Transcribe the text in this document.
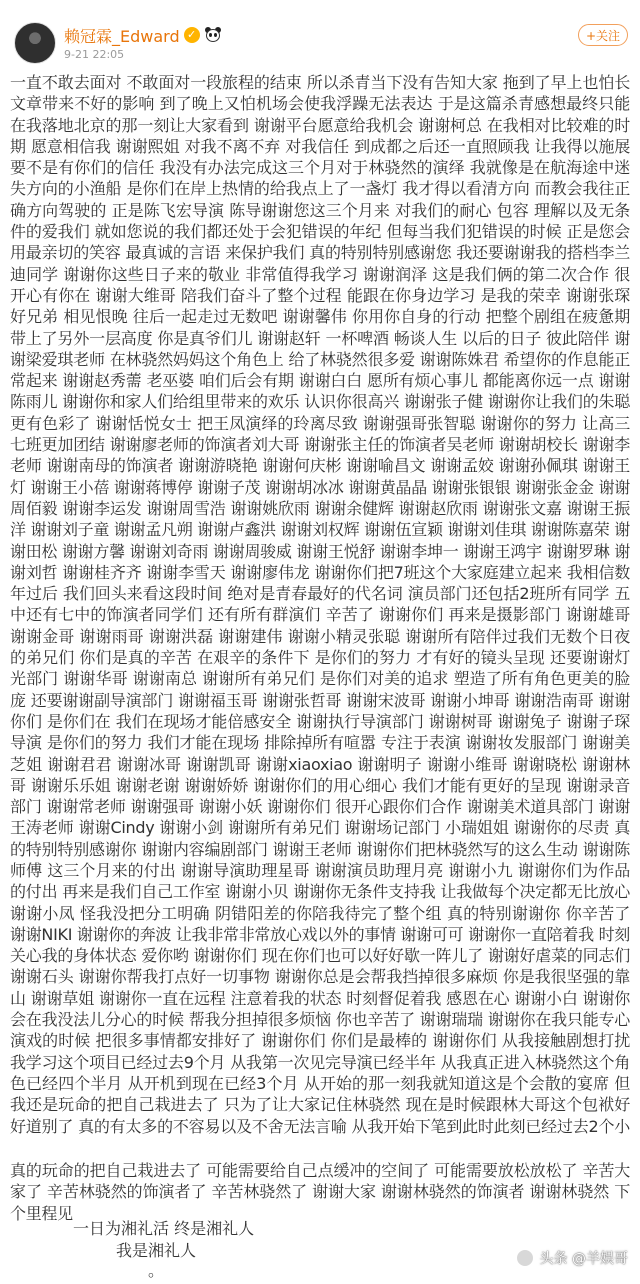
赖冠霖_Edward ✓
9-21 22:05
+关注

一直不敢去面对 不敢面对一段旅程的结束 所以杀青当下没有告知大家 拖到了早上也怕长文章带来不好的影响 到了晚上又怕机场会使我浮躁无法表达 于是这篇杀青感想最终只能在我落地北京的那一刻让大家看到 谢谢平台愿意给我机会 谢谢柯总 在我相对比较难的时期 愿意相信我 谢谢熙姐 对我不离不弃 对我信任 到成都之后还一直照顾我 让我得以施展 要不是有你们的信任 我没有办法完成这三个月对于林骁然的演绎 我就像是在航海途中迷失方向的小渔船 是你们在岸上热情的给我点上了一盏灯 我才得以看清方向 而教会我往正确方向驾驶的 正是陈飞宏导演 陈导谢谢您这三个月来 对我们的耐心 包容 理解以及无条件的爱我们 就如您说的我们都还处于会犯错误的年纪 但每当我们犯错误的时候 正是您会用最亲切的笑容 最真诚的言语 来保护我们 真的特别特别感谢您 我还要谢谢我的搭档李兰迪同学 谢谢你这些日子来的敬业 非常值得我学习 谢谢润泽 这是我们俩的第二次合作 很开心有你在 谢谢大维哥 陪我们奋斗了整个过程 能跟在你身边学习 是我的荣幸 谢谢张琛 好兄弟 相见恨晚 往后一起走过无数吧 谢谢馨伟 你用你自身的行动 把整个剧组在疲惫期带上了另外一层高度 你是真爷们儿 谢谢赵轩 一杯啤酒 畅谈人生 以后的日子 彼此陪伴 谢谢梁爱琪老师 在林骁然妈妈这个角色上 给了林骁然很多爱 谢谢陈姝君 希望你的作息能正常起来 谢谢赵秀薷 老巫婆 咱们后会有期 谢谢白白 愿所有烦心事儿 都能离你远一点 谢谢陈雨儿 谢谢你和家人们给组里带来的欢乐 认识你很高兴 谢谢张子健 谢谢你让我们的朱聪更有色彩了 谢谢恬悦女士 把王凤演绎的玲离尽致 谢谢强哥张智聪 谢谢你的努力 让高三七班更加团结 谢谢廖老师的饰演者刘大哥 谢谢张主任的饰演者吴老师 谢谢胡校长 谢谢李老师 谢谢南母的饰演者 谢谢游晓艳 谢谢何庆彬 谢谢喻昌文 谢谢孟姣 谢谢孙佩琪 谢谢王灯 谢谢王小蓓 谢谢蒋博停 谢谢子茂 谢谢胡冰冰 谢谢黄晶晶 谢谢张银银 谢谢张金金 谢谢周佰毅 谢谢李运发 谢谢周雪浩 谢谢姚欣雨 谢谢余健辉 谢谢赵欣雨 谢谢张文嘉 谢谢王振洋 谢谢刘子童 谢谢孟凡朔 谢谢卢鑫洪 谢谢刘权辉 谢谢伍宣颖 谢谢刘佳琪 谢谢陈嘉荣 谢谢田松 谢谢方馨 谢谢刘奇雨 谢谢周骏威 谢谢王悦舒 谢谢李坤一 谢谢王鸿宇 谢谢罗琳 谢谢刘哲 谢谢桂齐齐 谢谢李雪天 谢谢廖伟龙 谢谢你们把7班这个大家庭建立起来 我相信数年过后 我们回头来看这段时间 绝对是青春最好的代名词 演员部门还包括2班所有同学 五中还有七中的饰演者同学们 还有所有群演们 辛苦了 谢谢你们 再来是摄影部门 谢谢雄哥 谢谢金哥 谢谢雨哥 谢谢洪磊 谢谢建伟 谢谢小精灵张聪 谢谢所有陪伴过我们无数个日夜的弟兄们 你们是真的辛苦 在艰辛的条件下 是你们的努力 才有好的镜头呈现 还要谢谢灯光部门 谢谢华哥 谢谢南总 谢谢所有弟兄们 是你们对美的追求 塑造了所有角色更美的脸庞 还要谢谢副导演部门 谢谢福玉哥 谢谢张哲哥 谢谢宋波哥 谢谢小坤哥 谢谢浩南哥 谢谢你们 是你们在 我们在现场才能倍感安全 谢谢执行导演部门 谢谢树哥 谢谢兔子 谢谢子琛导演 是你们的努力 我们才能在现场 排除掉所有喧嚣 专注于表演 谢谢妆发服部门 谢谢美芝姐 谢谢君君 谢谢冰哥 谢谢凯哥 谢谢xiaoxiao 谢谢明子 谢谢小维哥 谢谢晓松 谢谢林哥 谢谢乐乐姐 谢谢老谢 谢谢娇娇 谢谢你们的用心细心 我们才能有更好的呈现 谢谢录音部门 谢谢常老师 谢谢强哥 谢谢小妖 谢谢你们 很开心跟你们合作 谢谢美术道具部门 谢谢王涛老师 谢谢Cindy 谢谢小剑 谢谢所有弟兄们 谢谢场记部门 小瑞姐姐 谢谢你的尽责 真的特别特别感谢你 谢谢内容编剧部门 谢谢王老师 谢谢你们把林骁然写的这么生动 谢谢陈师傅 这三个月来的付出 谢谢导演助理星哥 谢谢演员助理月亮 谢谢小九 谢谢你们为作品的付出 再来是我们自己工作室 谢谢小贝 谢谢你无条件支持我 让我做每个决定都无比放心 谢谢小凤 怪我没把分工明确 阴错阳差的你陪我待完了整个组 真的特别谢谢你 你辛苦了 谢谢NIKI 谢谢你的奔波 让我非常非常放心戏以外的事情 谢谢可可 谢谢你一直陪着我 时刻关心我的身体状态 爱你哟 谢谢你们 现在你们也可以好好歇一阵儿了 谢谢好虐菜的同志们 谢谢石头 谢谢你帮我打点好一切事物 谢谢你总是会帮我挡掉很多麻烦 你是我很坚强的靠山 谢谢草姐 谢谢你一直在远程 注意着我的状态 时刻督促着我 感恩在心 谢谢小白 谢谢你会在我没法儿分心的时候 帮我分担掉很多烦恼 你也辛苦了 谢谢瑞瑞 谢谢你在我只能专心演戏的时候 把很多事情都安排好了 谢谢你们 你们是最棒的 谢谢你们 从我接触剧想打扰我学习这个项目已经过去9个月 从我第一次见完导演已经半年 从我真正进入林骁然这个角色已经四个半月 从开机到现在已经3个月 从开始的那一刻我就知道这是个会散的宴席 但我还是玩命的把自己栽进去了 只为了让大家记住林骁然 现在是时候跟林大哥这个包袱好好道别了 真的有太多的不容易以及不舍无法言喻 从我开始下笔到此时此刻已经过去2个小

真的玩命的把自己栽进去了 可能需要给自己点缓冲的空间了 可能需要放松放松了 辛苦大家了 辛苦林骁然的饰演者了 辛苦林骁然了 谢谢大家 谢谢林骁然的饰演者 谢谢林骁然 下个里程见

一日为湘礼活 终是湘礼人
我是湘礼人
。
头条 @羊娱哥
